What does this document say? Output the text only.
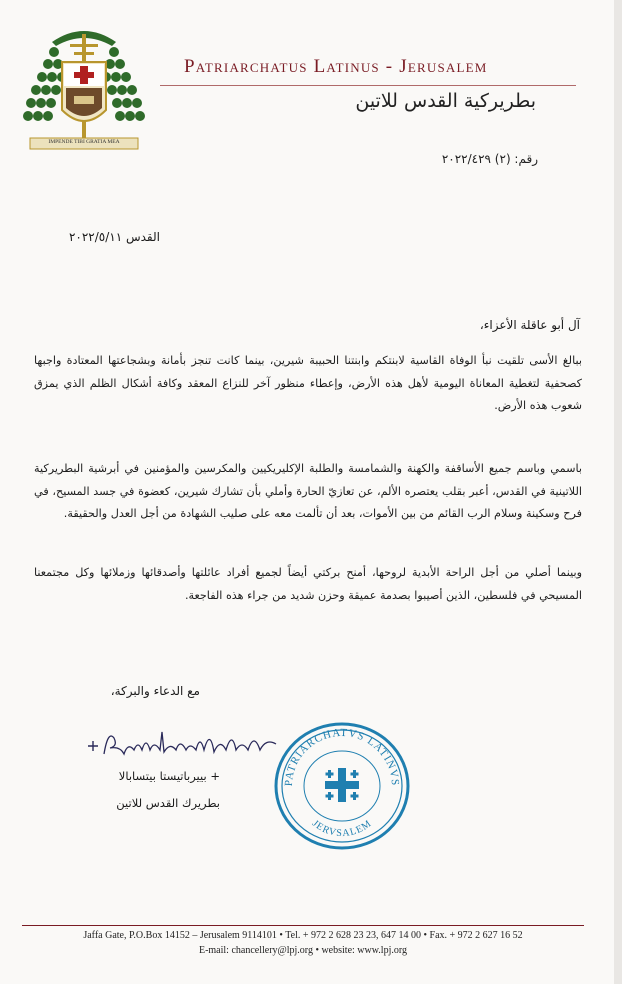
IMPENDE TIBI GRATIA MEA
Patriarchatus Latinus - Jerusalem
بطريركية القدس للاتين
رقم: (٢) ٢٠٢٢/٤٢٩
القدس ٢٠٢٢/٥/١١
آل أبو عاقلة الأعزاء،
ببالغ الأسى تلقيت نبأ الوفاة القاسية لابنتكم وابنتنا الحبيبة شيرين، بينما كانت تنجز بأمانة وبشجاعتها المعتادة واجبها كصحفية لتغطية المعاناة اليومية لأهل هذه الأرض، وإعطاء منظور آخر للنزاع المعقد وكافة أشكال الظلم الذي يمزق شعوب هذه الأرض.
باسمي وباسم جميع الأساقفة والكهنة والشمامسة والطلبة الإكليريكيين والمكرسين والمؤمنين في أبرشية البطريركية اللاتينية في القدس، أعبر بقلب يعتصره الألم، عن تعازيّ الحارة وأملي بأن تشارك شيرين، كعضوة في جسد المسيح، في فرح وسكينة وسلام الرب القائم من بين الأموات، بعد أن تألمت معه على صليب الشهادة من أجل العدل والحقيقة.
وبينما أصلي من أجل الراحة الأبدية لروحها، أمنح بركتي أيضاً لجميع أفراد عائلتها وأصدقائها وزملائها وكل مجتمعنا المسيحي في فلسطين، الذين أصيبوا بصدمة عميقة وحزن شديد من جراء هذه الفاجعة.
مع الدعاء والبركة،
+ بييرباتيستا بيتسابالا
بطريرك القدس للاتين
PATRIARCHATVS LATINVS
JERVSALEM
Jaffa Gate, P.O.Box 14152 – Jerusalem 9114101 • Tel. + 972 2 628 23 23, 647 14 00 • Fax. + 972 2 627 16 52
E-mail: chancellery@lpj.org • website: www.lpj.org
